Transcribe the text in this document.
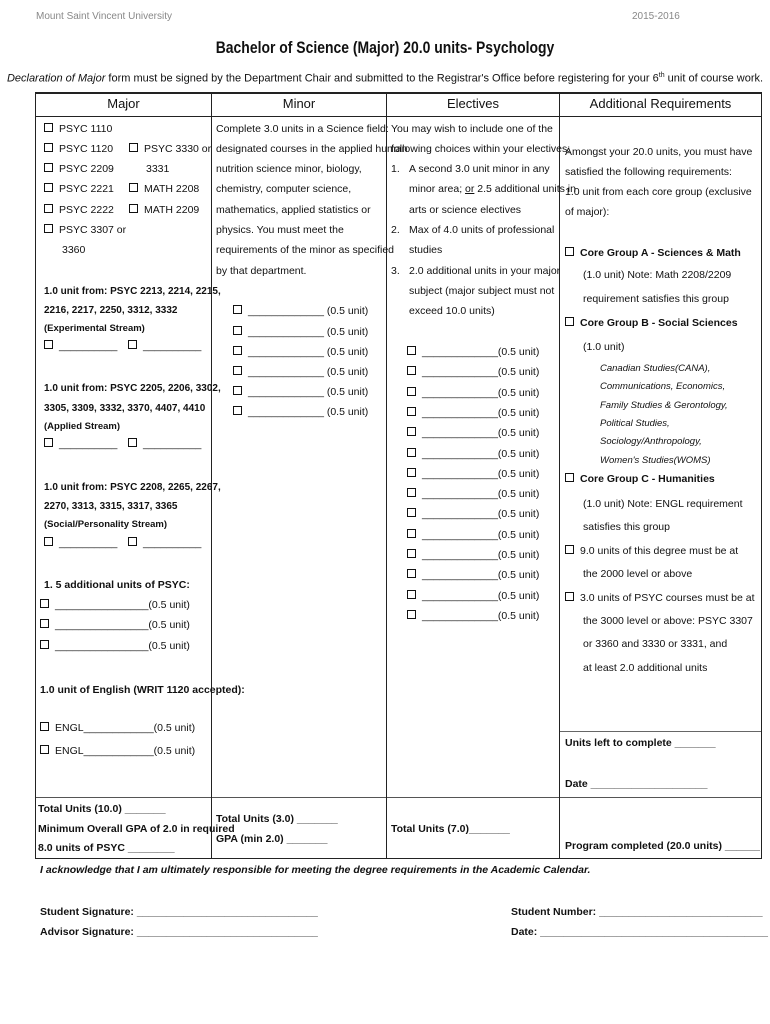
Mount Saint Vincent University	2015-2016
Bachelor of Science (Major) 20.0 units- Psychology
Declaration of Major form must be signed by the Department Chair and submitted to the Registrar's Office before registering for your 6th unit of course work.
Major	Minor	Electives	Additional Requirements
PSYC 1110
PSYC 1120
PSYC 2209
PSYC 2221
PSYC 2222
PSYC 3307 or
3360
PSYC 3330 or
3331
MATH 2208
MATH 2209
1.0 unit from: PSYC 2213, 2214, 2215,
2216, 2217, 2250, 3312, 3332
(Experimental Stream)
__________	__________
1.0 unit from: PSYC 2205, 2206, 3302,
3305, 3309, 3332, 3370, 4407, 4410
(Applied Stream)
__________	__________
1.0 unit from: PSYC 2208, 2265, 2267,
2270, 3313, 3315, 3317, 3365
(Social/Personality Stream)
__________	__________
1. 5 additional units of PSYC:
________________(0.5 unit)
________________(0.5 unit)
________________(0.5 unit)
1.0 unit of English (WRIT 1120 accepted):
ENGL____________(0.5 unit)
ENGL____________(0.5 unit)
Total Units (10.0) _______
Minimum Overall GPA of 2.0 in required
8.0 units of PSYC ________
Complete 3.0 units in a Science field:
designated courses in the applied human
nutrition science minor, biology,
chemistry, computer science,
mathematics, applied statistics or
physics. You must meet the
requirements of the minor as specified
by that department.
_____________ (0.5 unit)
_____________ (0.5 unit)
_____________ (0.5 unit)
_____________ (0.5 unit)
_____________ (0.5 unit)
_____________ (0.5 unit)
Total Units (3.0) _______
GPA (min 2.0) _______
You may wish to include one of the
following choices within your electives:
1. A second 3.0 unit minor in any
minor area; or 2.5 additional units in
arts or science electives
2. Max of 4.0 units of professional
studies
3. 2.0 additional units in your major
subject (major subject must not
exceed 10.0 units)
_____________(0.5 unit)
_____________(0.5 unit)
_____________(0.5 unit)
_____________(0.5 unit)
_____________(0.5 unit)
_____________(0.5 unit)
_____________(0.5 unit)
_____________(0.5 unit)
_____________(0.5 unit)
_____________(0.5 unit)
_____________(0.5 unit)
_____________(0.5 unit)
_____________(0.5 unit)
_____________(0.5 unit)
Total Units (7.0)_______
Amongst your 20.0 units, you must have
satisfied the following requirements:
1.0 unit from each core group (exclusive
of major):
Core Group A - Sciences & Math
(1.0 unit) Note: Math 2208/2209
requirement satisfies this group
Core Group B - Social Sciences
(1.0 unit)
Canadian Studies(CANA),
Communications, Economics,
Family Studies & Gerontology,
Political Studies,
Sociology/Anthropology,
Women's Studies(WOMS)
Core Group C - Humanities
(1.0 unit) Note: ENGL requirement
satisfies this group
9.0 units of this degree must be at
the 2000 level or above
3.0 units of PSYC courses must be at
the 3000 level or above: PSYC 3307
or 3360 and 3330 or 3331, and
at least 2.0 additional units
Units left to complete _______
Date ____________________
Program completed (20.0 units) ______
I acknowledge that I am ultimately responsible for meeting the degree requirements in the Academic Calendar.
Student Signature: _______________________________
Advisor Signature: _______________________________
Student Number: ____________________________
Date: _______________________________________
